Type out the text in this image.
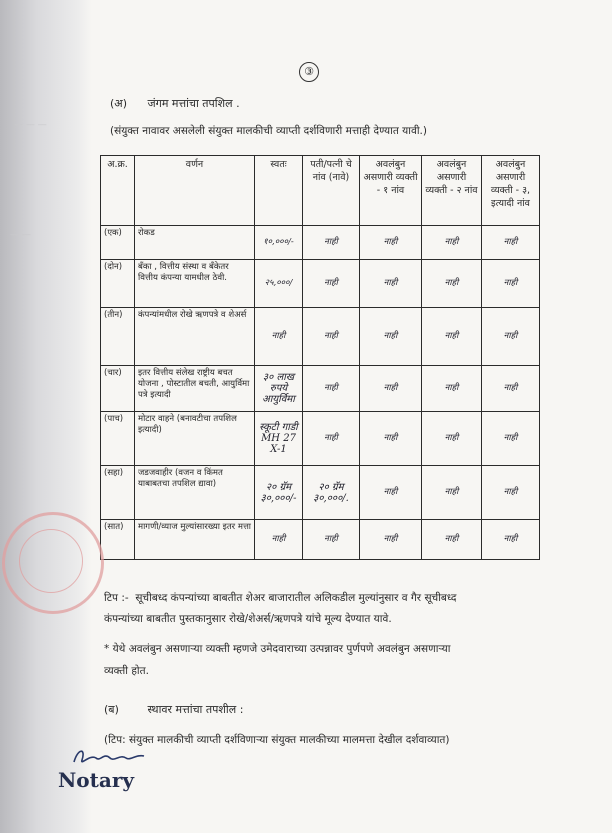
— — —
— —
③
(अ) जंगम मत्तांचा तपशिल .
(संयुक्त नावावर असलेली संयुक्त मालकीची व्याप्ती दर्शविणारी मत्ताही देण्यात यावी.)
अ.क्र.	वर्णन	स्वतः	पती/पत्नी चे नांव (नावे)	अवलंबुन असणारी व्यक्ती - १ नांव	अवलंबुन असणारी व्यक्ती - २ नांव	अवलंबुन असणारी व्यक्ती - ३, इत्यादी नांव
(एक)	रोकड	१०,०००/-	नाही	नाही	नाही	नाही
(दोन)	बँका , वित्तीय संस्था व बँकेतर वित्तीय कंपन्या यामधील ठेवी.	२५,०००/	नाही	नाही	नाही	नाही
(तीन)	कंपन्यांमधील रोखे ऋणपत्रे व शेअर्स	नाही	नाही	नाही	नाही	नाही
(चार)	इतर वित्तीय संलेख राष्ट्रीय बचत योजना , पोस्टातील बचती, आयुर्विमा पत्रे इत्यादी	३० लाख रुपये आयुर्विमा	नाही	नाही	नाही	नाही
(पाच)	मोटार वाहने (बनावटीचा तपशिल इत्यादी)	स्कूटी गाडी MH 27 X-1	नाही	नाही	नाही	नाही
(सहा)	जडजवाहीर (वजन व किंमत याबाबतचा तपशिल द्यावा)	२० ग्रॅम ३०,०००/-	२० ग्रॅम ३०,०००/.	नाही	नाही	नाही
(सात)	मागणी/व्याज मुल्यांसारख्या इतर मत्ता	नाही	नाही	नाही	नाही	नाही
टिप :- सूचीबध्द कंपन्यांच्या बाबतीत शेअर बाजारातील अलिकडील मुल्यांनुसार व गैर सूचीबध्द
कंपन्यांच्या बाबतीत पुस्तकानुसार रोखे/शेअर्स/ऋणपत्रे यांचे मूल्य देण्यात यावे.
* येथे अवलंबुन असणाऱ्या व्यक्ती म्हणजे उमेदवाराच्या उत्पन्नावर पुर्णपणे अवलंबुन असणाऱ्या
व्यक्ती होत.
(ब)	स्थावर मत्तांचा तपशील :
(टिप: संयुक्त मालकीची व्याप्ती दर्शविणाऱ्या संयुक्त मालकीच्या मालमत्ता देखील दर्शवाव्यात)
Notary
